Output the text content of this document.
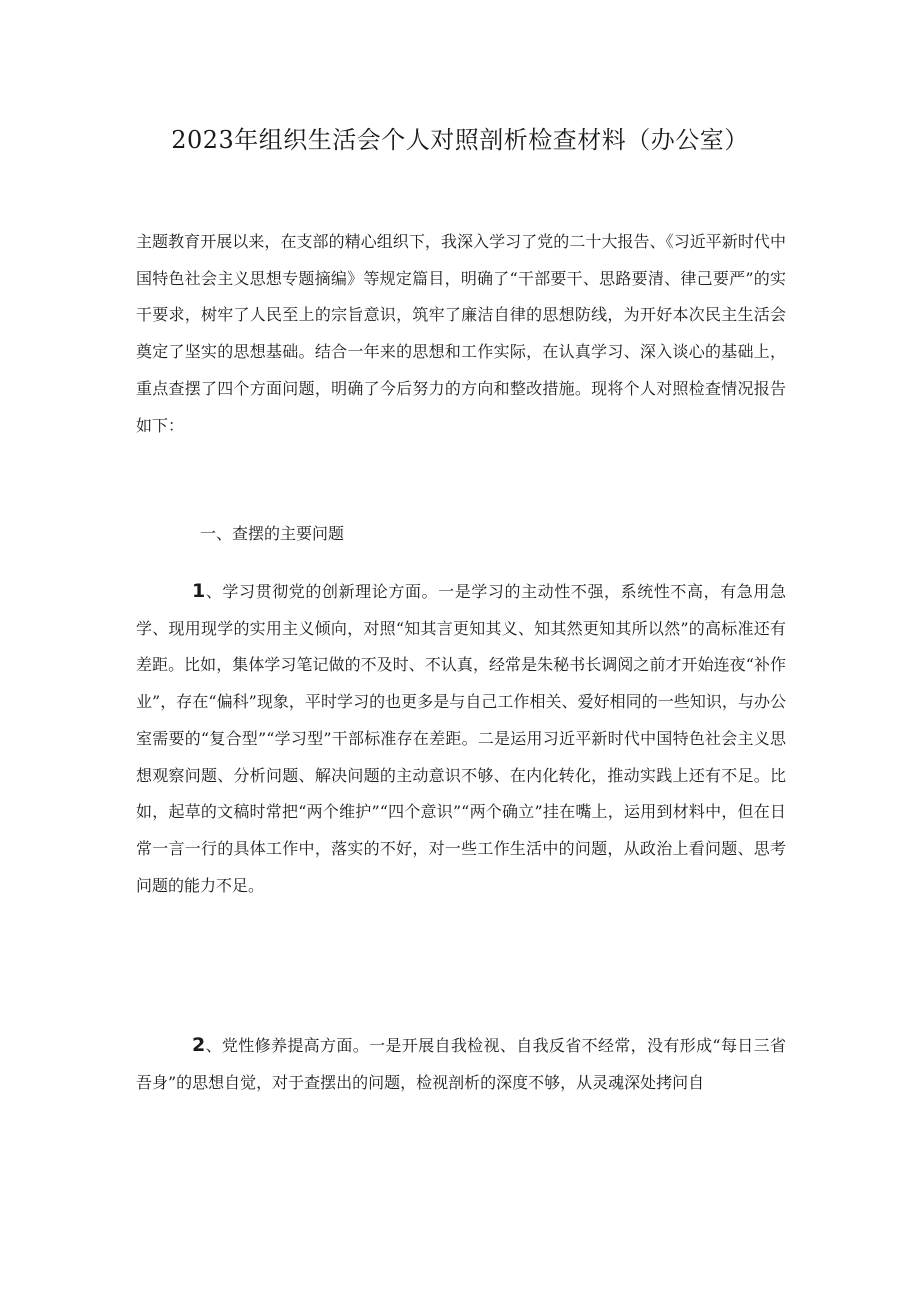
2023年组织生活会个人对照剖析检查材料（办公室）

主题教育开展以来，在支部的精心组织下，我深入学习了党的二十大报告、《习近平新时代中国特色社会主义思想专题摘编》等规定篇目，明确了“干部要干、思路要清、律己要严”的实干要求，树牢了人民至上的宗旨意识，筑牢了廉洁自律的思想防线，为开好本次民主生活会奠定了坚实的思想基础。结合一年来的思想和工作实际，在认真学习、深入谈心的基础上，重点查摆了四个方面问题，明确了今后努力的方向和整改措施。现将个人对照检查情况报告如下：

一、查摆的主要问题

1、学习贯彻党的创新理论方面。一是学习的主动性不强，系统性不高，有急用急学、现用现学的实用主义倾向，对照“知其言更知其义、知其然更知其所以然”的高标准还有差距。比如，集体学习笔记做的不及时、不认真，经常是朱秘书长调阅之前才开始连夜“补作业”，存在“偏科”现象，平时学习的也更多是与自己工作相关、爱好相同的一些知识，与办公室需要的“复合型”“学习型”干部标准存在差距。二是运用习近平新时代中国特色社会主义思想观察问题、分析问题、解决问题的主动意识不够、在内化转化，推动实践上还有不足。比如，起草的文稿时常把“两个维护”“四个意识”“两个确立”挂在嘴上，运用到材料中，但在日常一言一行的具体工作中，落实的不好，对一些工作生活中的问题，从政治上看问题、思考问题的能力不足。

2、党性修养提高方面。一是开展自我检视、自我反省不经常，没有形成“每日三省吾身”的思想自觉，对于查摆出的问题，检视剖析的深度不够，从灵魂深处拷问自
